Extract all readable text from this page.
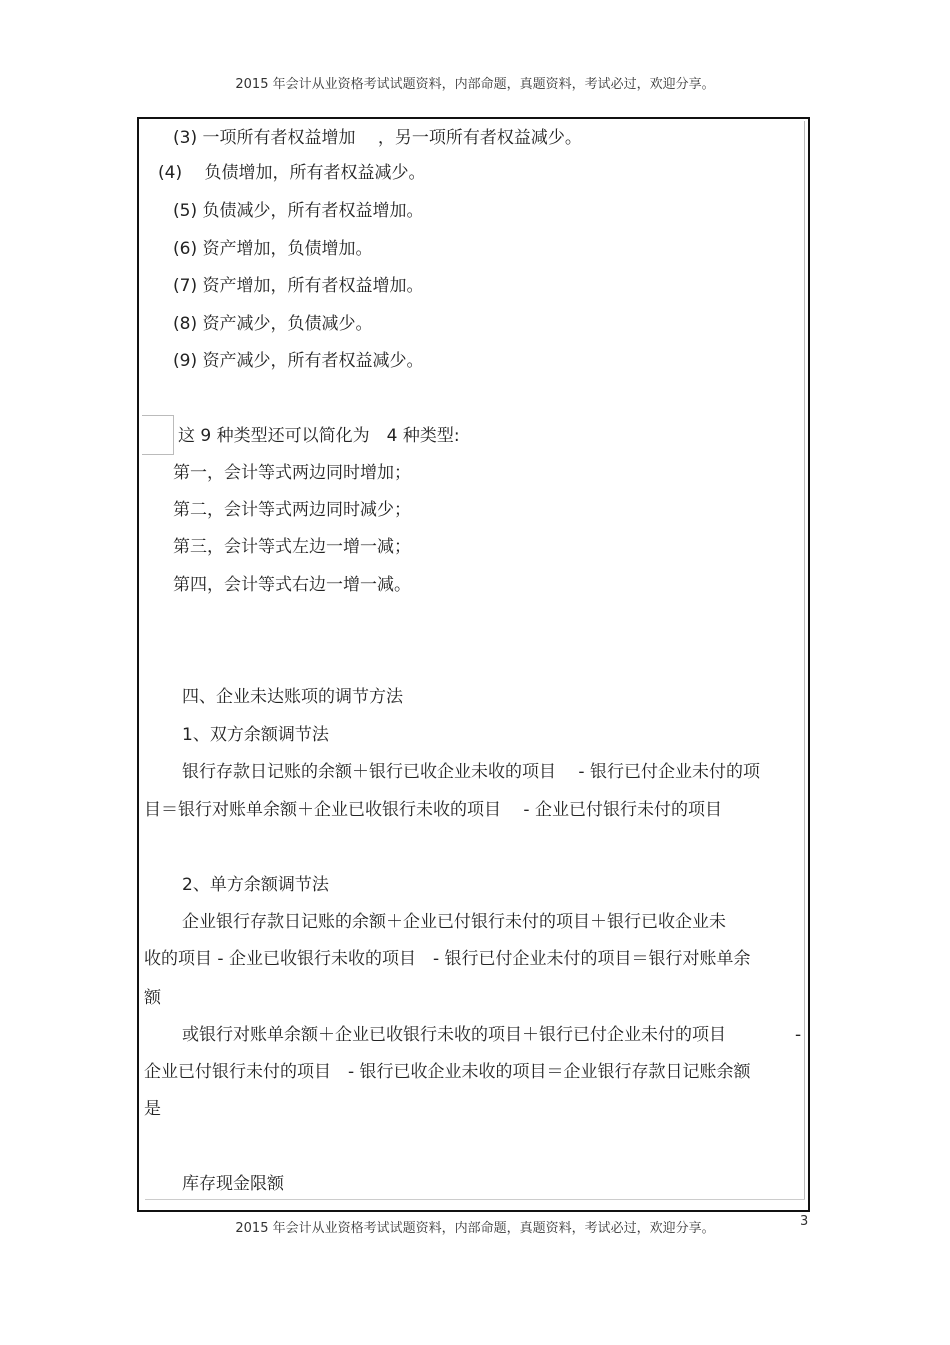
2015 年会计从业资格考试试题资料，内部命题，真题资料，考试必过，欢迎分享。
(3) 一项所有者权益增加　 ，另一项所有者权益减少。
(4)　 负债增加，所有者权益减少。
(5) 负债减少，所有者权益增加。
(6) 资产增加，负债增加。
(7) 资产增加，所有者权益增加。
(8) 资产减少，负债减少。
(9) 资产减少，所有者权益减少。
这 9 种类型还可以简化为　4 种类型:
第一，会计等式两边同时增加；
第二，会计等式两边同时减少；
第三，会计等式左边一增一减；
第四，会计等式右边一增一减。
四、企业未达账项的调节方法
1、双方余额调节法
银行存款日记账的余额＋银行已收企业未收的项目　 - 银行已付企业未付的项
目＝银行对账单余额＋企业已收银行未收的项目　 - 企业已付银行未付的项目
2、单方余额调节法
企业银行存款日记账的余额＋企业已付银行未付的项目＋银行已收企业未
收的项目 - 企业已收银行未收的项目　- 银行已付企业未付的项目＝银行对账单余
额
或银行对账单余额＋企业已收银行未收的项目＋银行已付企业未付的项目	-
企业已付银行未付的项目　- 银行已收企业未收的项目＝企业银行存款日记账余额
是
库存现金限额
2015 年会计从业资格考试试题资料，内部命题，真题资料，考试必过，欢迎分享。	3
